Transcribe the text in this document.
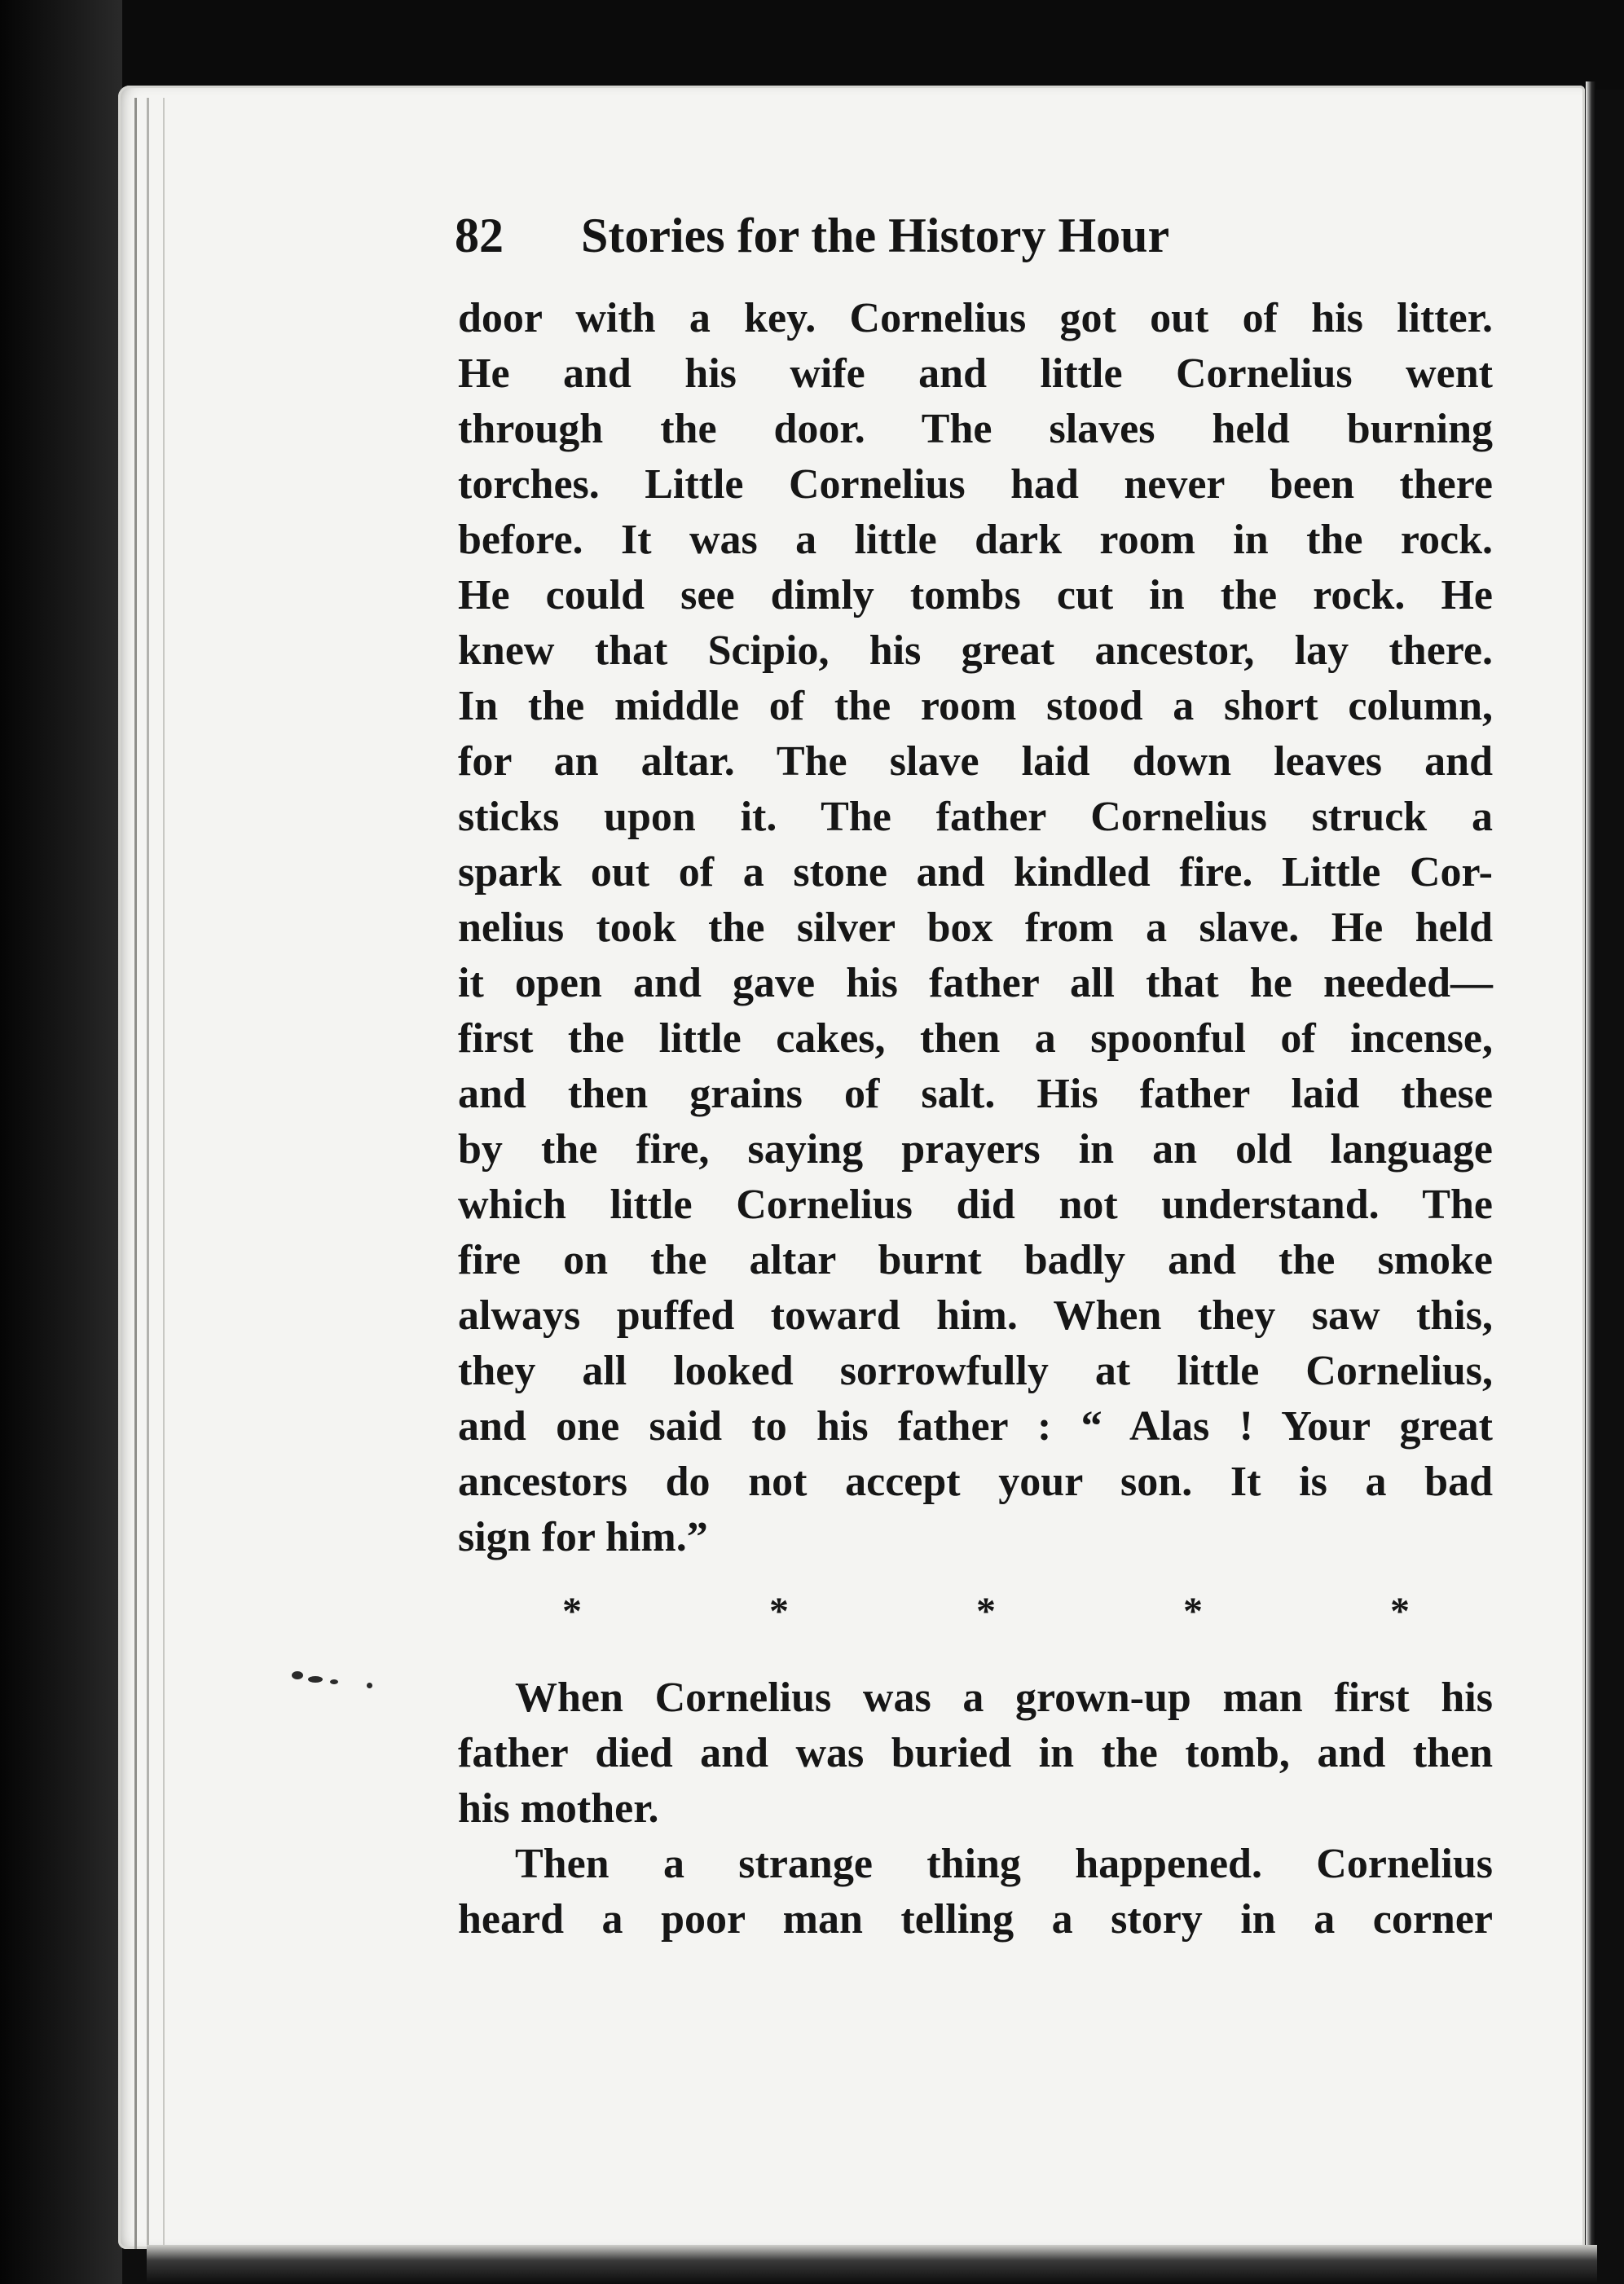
82 Stories for the History Hour
door with a key. Cornelius got out of his litter.
He and his wife and little Cornelius went
through the door. The slaves held burning
torches. Little Cornelius had never been there
before. It was a little dark room in the rock.
He could see dimly tombs cut in the rock. He
knew that Scipio, his great ancestor, lay there.
In the middle of the room stood a short column,
for an altar. The slave laid down leaves and
sticks upon it. The father Cornelius struck a
spark out of a stone and kindled fire. Little Cor-
nelius took the silver box from a slave. He held
it open and gave his father all that he needed—
first the little cakes, then a spoonful of incense,
and then grains of salt. His father laid these
by the fire, saying prayers in an old language
which little Cornelius did not understand. The
fire on the altar burnt badly and the smoke
always puffed toward him. When they saw this,
they all looked sorrowfully at little Cornelius,
and one said to his father : “ Alas ! Your great
ancestors do not accept your son. It is a bad
sign for him.”
*	*	*	*	*
When Cornelius was a grown-up man first his
father died and was buried in the tomb, and then
his mother.
Then a strange thing happened. Cornelius
heard a poor man telling a story in a corner
